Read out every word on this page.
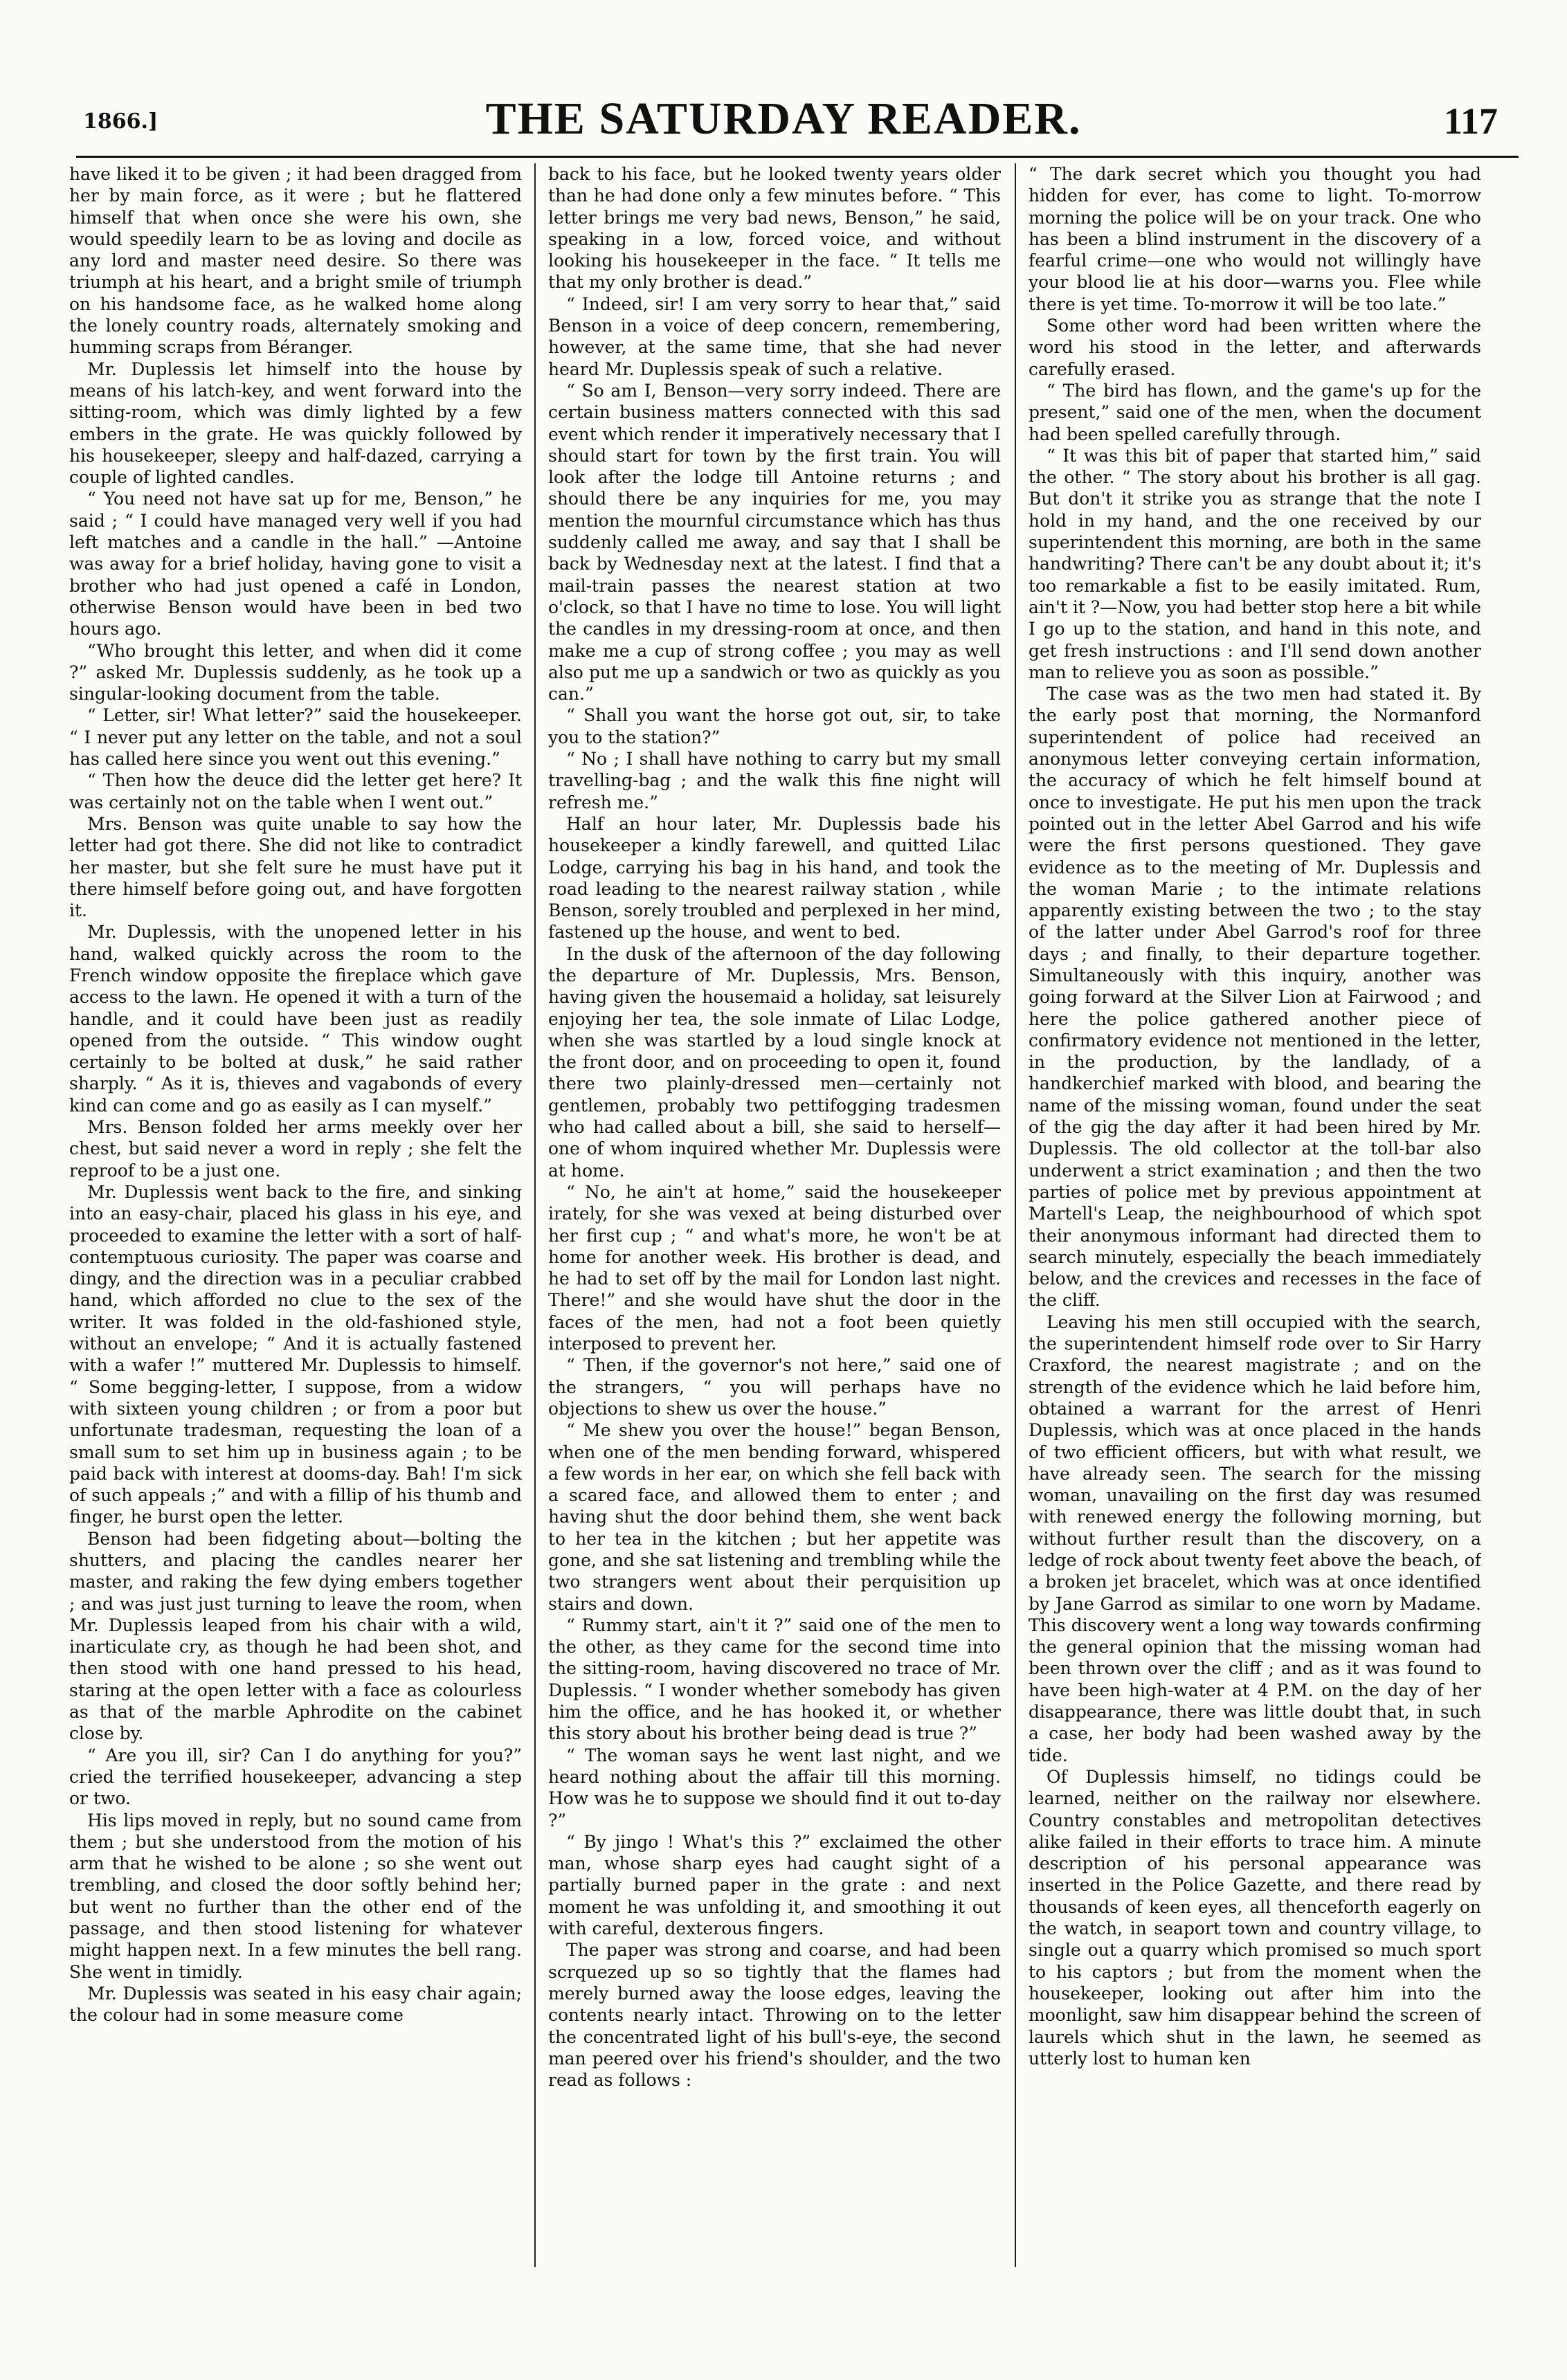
1866.]	THE SATURDAY READER.	117

have liked it to be given ; it had been dragged from her by main force, as it were ; but he flattered himself that when once she were his own, she would speedily learn to be as loving and docile as any lord and master need desire. So there was triumph at his heart, and a bright smile of triumph on his handsome face, as he walked home along the lonely country roads, alternately smoking and humming scraps from Béranger.

Mr. Duplessis let himself into the house by means of his latch-key, and went forward into the sitting-room, which was dimly lighted by a few embers in the grate. He was quickly followed by his housekeeper, sleepy and half-dazed, carrying a couple of lighted candles.

“ You need not have sat up for me, Benson,” he said ; “ I could have managed very well if you had left matches and a candle in the hall.” —Antoine was away for a brief holiday, having gone to visit a brother who had just opened a café in London, otherwise Benson would have been in bed two hours ago.

“Who brought this letter, and when did it come ?” asked Mr. Duplessis suddenly, as he took up a singular-looking document from the table.

“ Letter, sir! What letter?” said the housekeeper. “ I never put any letter on the table, and not a soul has called here since you went out this evening.”

“ Then how the deuce did the letter get here? It was certainly not on the table when I went out.”

Mrs. Benson was quite unable to say how the letter had got there. She did not like to contradict her master, but she felt sure he must have put it there himself before going out, and have forgotten it.

Mr. Duplessis, with the unopened letter in his hand, walked quickly across the room to the French window opposite the fireplace which gave access to the lawn. He opened it with a turn of the handle, and it could have been just as readily opened from the outside. “ This window ought certainly to be bolted at dusk,” he said rather sharply. “ As it is, thieves and vagabonds of every kind can come and go as easily as I can myself.”

Mrs. Benson folded her arms meekly over her chest, but said never a word in reply ; she felt the reproof to be a just one.

Mr. Duplessis went back to the fire, and sinking into an easy-chair, placed his glass in his eye, and proceeded to examine the letter with a sort of half-contemptuous curiosity. The paper was coarse and dingy, and the direction was in a peculiar crabbed hand, which afforded no clue to the sex of the writer. It was folded in the old-fashioned style, without an envelope; “ And it is actually fastened with a wafer !” muttered Mr. Duplessis to himself. “ Some begging-letter, I suppose, from a widow with sixteen young children ; or from a poor but unfortunate tradesman, requesting the loan of a small sum to set him up in business again ; to be paid back with interest at dooms-day. Bah! I'm sick of such appeals ;” and with a fillip of his thumb and finger, he burst open the letter.

Benson had been fidgeting about—bolting the shutters, and placing the candles nearer her master, and raking the few dying embers together ; and was just just turning to leave the room, when Mr. Duplessis leaped from his chair with a wild, inarticulate cry, as though he had been shot, and then stood with one hand pressed to his head, staring at the open letter with a face as colourless as that of the marble Aphrodite on the cabinet close by.

“ Are you ill, sir? Can I do anything for you?” cried the terrified housekeeper, advancing a step or two.

His lips moved in reply, but no sound came from them ; but she understood from the motion of his arm that he wished to be alone ; so she went out trembling, and closed the door softly behind her; but went no further than the other end of the passage, and then stood listening for whatever might happen next. In a few minutes the bell rang. She went in timidly.

Mr. Duplessis was seated in his easy chair again; the colour had in some measure come

back to his face, but he looked twenty years older than he had done only a few minutes before. “ This letter brings me very bad news, Benson,” he said, speaking in a low, forced voice, and without looking his housekeeper in the face. “ It tells me that my only brother is dead.”

“ Indeed, sir! I am very sorry to hear that,” said Benson in a voice of deep concern, remembering, however, at the same time, that she had never heard Mr. Duplessis speak of such a relative.

“ So am I, Benson—very sorry indeed. There are certain business matters connected with this sad event which render it imperatively necessary that I should start for town by the first train. You will look after the lodge till Antoine returns ; and should there be any inquiries for me, you may mention the mournful circumstance which has thus suddenly called me away, and say that I shall be back by Wednesday next at the latest. I find that a mail-train passes the nearest station at two o'clock, so that I have no time to lose. You will light the candles in my dressing-room at once, and then make me a cup of strong coffee ; you may as well also put me up a sandwich or two as quickly as you can.”

“ Shall you want the horse got out, sir, to take you to the station?”

“ No ; I shall have nothing to carry but my small travelling-bag ; and the walk this fine night will refresh me.”

Half an hour later, Mr. Duplessis bade his housekeeper a kindly farewell, and quitted Lilac Lodge, carrying his bag in his hand, and took the road leading to the nearest railway station , while Benson, sorely troubled and perplexed in her mind, fastened up the house, and went to bed.

In the dusk of the afternoon of the day following the departure of Mr. Duplessis, Mrs. Benson, having given the housemaid a holiday, sat leisurely enjoying her tea, the sole inmate of Lilac Lodge, when she was startled by a loud single knock at the front door, and on proceeding to open it, found there two plainly-dressed men—certainly not gentlemen, probably two pettifogging tradesmen who had called about a bill, she said to herself—one of whom inquired whether Mr. Duplessis were at home.

“ No, he ain't at home,” said the housekeeper irately, for she was vexed at being disturbed over her first cup ; “ and what's more, he won't be at home for another week. His brother is dead, and he had to set off by the mail for London last night. There!” and she would have shut the door in the faces of the men, had not a foot been quietly interposed to prevent her.

“ Then, if the governor's not here,” said one of the strangers, “ you will perhaps have no objections to shew us over the house.”

“ Me shew you over the house!” began Benson, when one of the men bending forward, whispered a few words in her ear, on which she fell back with a scared face, and allowed them to enter ; and having shut the door behind them, she went back to her tea in the kitchen ; but her appetite was gone, and she sat listening and trembling while the two strangers went about their perquisition up stairs and down.

“ Rummy start, ain't it ?” said one of the men to the other, as they came for the second time into the sitting-room, having discovered no trace of Mr. Duplessis. “ I wonder whether somebody has given him the office, and he has hooked it, or whether this story about his brother being dead is true ?”

“ The woman says he went last night, and we heard nothing about the affair till this morning. How was he to suppose we should find it out to-day ?”

“ By jingo ! What's this ?” exclaimed the other man, whose sharp eyes had caught sight of a partially burned paper in the grate : and next moment he was unfolding it, and smoothing it out with careful, dexterous fingers.

The paper was strong and coarse, and had been scrquezed up so so tightly that the flames had merely burned away the loose edges, leaving the contents nearly intact. Throwing on to the letter the concentrated light of his bull's-eye, the second man peered over his friend's shoulder, and the two read as follows :

“ The dark secret which you thought you had hidden for ever, has come to light. To-morrow morning the police will be on your track. One who has been a blind instrument in the discovery of a fearful crime—one who would not willingly have your blood lie at his door—warns you. Flee while there is yet time. To-morrow it will be too late.”

Some other word had been written where the word his stood in the letter, and afterwards carefully erased.

“ The bird has flown, and the game's up for the present,” said one of the men, when the document had been spelled carefully through.

“ It was this bit of paper that started him,” said the other. “ The story about his brother is all gag. But don't it strike you as strange that the note I hold in my hand, and the one received by our superintendent this morning, are both in the same handwriting? There can't be any doubt about it; it's too remarkable a fist to be easily imitated. Rum, ain't it ?—Now, you had better stop here a bit while I go up to the station, and hand in this note, and get fresh instructions : and I'll send down another man to relieve you as soon as possible.”

The case was as the two men had stated it. By the early post that morning, the Normanford superintendent of police had received an anonymous letter conveying certain information, the accuracy of which he felt himself bound at once to investigate. He put his men upon the track pointed out in the letter Abel Garrod and his wife were the first persons questioned. They gave evidence as to the meeting of Mr. Duplessis and the woman Marie ; to the intimate relations apparently existing between the two ; to the stay of the latter under Abel Garrod's roof for three days ; and finally, to their departure together. Simultaneously with this inquiry, another was going forward at the Silver Lion at Fairwood ; and here the police gathered another piece of confirmatory evidence not mentioned in the letter, in the production, by the landlady, of a handkerchief marked with blood, and bearing the name of the missing woman, found under the seat of the gig the day after it had been hired by Mr. Duplessis. The old collector at the toll-bar also underwent a strict examination ; and then the two parties of police met by previous appointment at Martell's Leap, the neighbourhood of which spot their anonymous informant had directed them to search minutely, especially the beach immediately below, and the crevices and recesses in the face of the cliff.

Leaving his men still occupied with the search, the superintendent himself rode over to Sir Harry Craxford, the nearest magistrate ; and on the strength of the evidence which he laid before him, obtained a warrant for the arrest of Henri Duplessis, which was at once placed in the hands of two efficient officers, but with what result, we have already seen. The search for the missing woman, unavailing on the first day was resumed with renewed energy the following morning, but without further result than the discovery, on a ledge of rock about twenty feet above the beach, of a broken jet bracelet, which was at once identified by Jane Garrod as similar to one worn by Madame. This discovery went a long way towards confirming the general opinion that the missing woman had been thrown over the cliff ; and as it was found to have been high-water at 4 P.M. on the day of her disappearance, there was little doubt that, in such a case, her body had been washed away by the tide.

Of Duplessis himself, no tidings could be learned, neither on the railway nor elsewhere. Country constables and metropolitan detectives alike failed in their efforts to trace him. A minute description of his personal appearance was inserted in the Police Gazette, and there read by thousands of keen eyes, all thenceforth eagerly on the watch, in seaport town and country village, to single out a quarry which promised so much sport to his captors ; but from the moment when the housekeeper, looking out after him into the moonlight, saw him disappear behind the screen of laurels which shut in the lawn, he seemed as utterly lost to human ken
